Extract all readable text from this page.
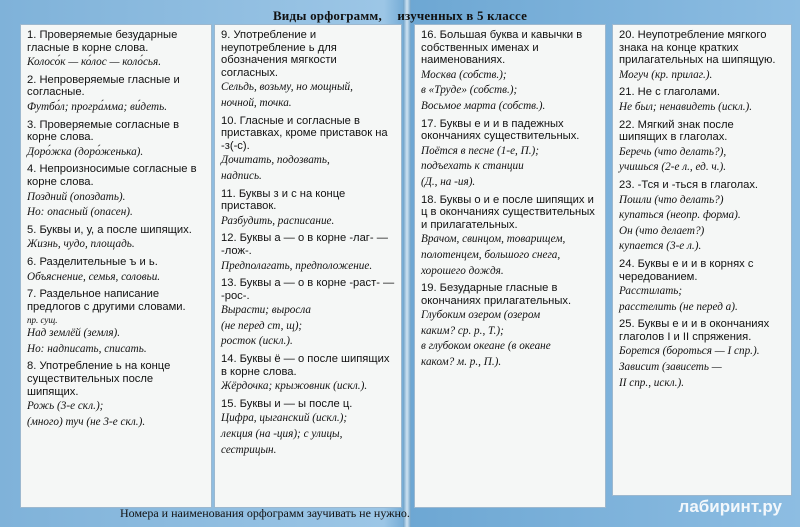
Виды орфограмм, изученных в 5 классе
1. Проверяемые безударные гласные в корне слова.
Колосо́к — ко́лос — коло́сья.
2. Непроверяемые гласные и согласные.
Футбо́л; програ́мма; ви́деть.
3. Проверяемые согласные в корне слова.
Доро́жка (доро́женька).
4. Непроизносимые согласные в корне слова.
Поздний (опоздать).
Но: опасный (опасен).
5. Буквы и, у, а после шипящих.
Жизнь, чудо, площадь.
6. Разделительные ъ и ь.
Объяснение, семья, соловьи.
7. Раздельное написание предлогов с другими словами.
пр. сущ.
Над землёй (земля).
Но: надписать, списать.
8. Употребление ь на конце существительных после шипящих.
Рожь (3-е скл.);
(много) туч (не 3-е скл.).
9. Употребление и неупотребление ь для обозначения мягкости согласных.
Сельдь, возьму, но мощный,
ночной, точка.
10. Гласные и согласные в приставках, кроме приставок на -з(-с).
Дочитать, подозвать,
надпись.
11. Буквы з и с на конце приставок.
Разбудить, расписание.
12. Буквы а — о в корне -лаг- — -лож-.
Предполагать, предположение.
13. Буквы а — о в корне -раст- — -рос-.
Вырасти; выросла
(не перед ст, щ);
росток (искл.).
14. Буквы ё — о после шипящих в корне слова.
Жёрдочка; крыжовник (искл.).
15. Буквы и — ы после ц.
Цифра, цыганский (искл.);
лекция (на -ция); с улицы,
сестрицын.
16. Большая буква и кавычки в собственных именах и наименованиях.
Москва (собств.);
в «Труде» (собств.);
Восьмое марта (собств.).
17. Буквы е и и в падежных окончаниях существительных.
Поётся в песне (1-е, П.);
подъехать к станции
(Д., на -ия).
18. Буквы о и е после шипящих и ц в окончаниях существительных и прилагательных.
Врачом, свинцом, товарищем,
полотенцем, большого снега,
хорошего дождя.
19. Безударные гласные в окончаниях прилагательных.
Глубоким озером (озером
каким? ср. р., Т.);
в глубоком океане (в океане
каком? м. р., П.).
20. Неупотребление мягкого знака на конце кратких прилагательных на шипящую.
Могуч (кр. прилаг.).
21. Не с глаголами.
Не был; ненавидеть (искл.).
22. Мягкий знак после шипящих в глаголах.
Беречь (что делать?),
учишься (2-е л., ед. ч.).
23. -Тся и -ться в глаголах.
Пошли (что делать?)
купаться (неопр. форма).
Он (что делает?)
купается (3-е л.).
24. Буквы е и и в корнях с чередованием.
Расстилать;
расстелить (не перед а).
25. Буквы е и и в окончаниях глаголов I и II спряжения.
Борется (бороться — I спр.).
Зависит (зависеть —
II спр., искл.).
Номера и наименования орфограмм заучивать не нужно.	лабиринт.ру
